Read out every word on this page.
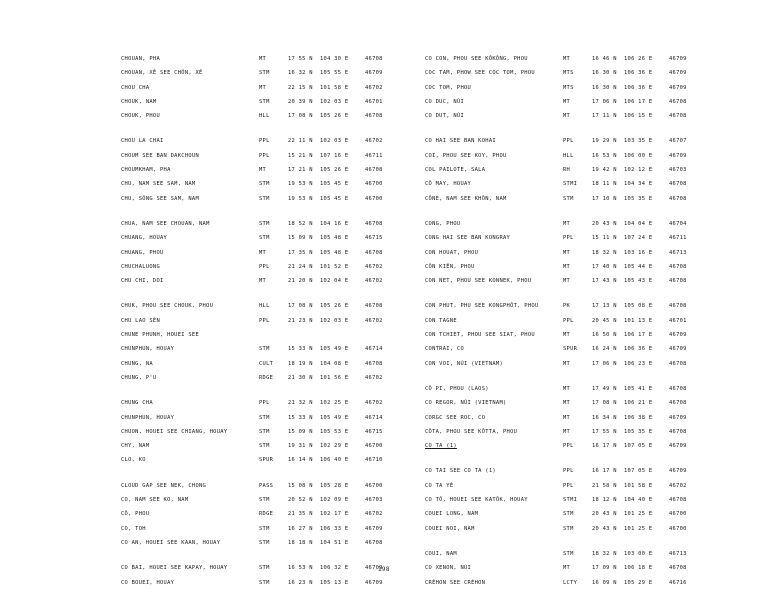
CHOUAN, PHA	MT	17 55 N 104 30 E	46708
CHOUAN, XÊ SEE CHÔN, XÊ	STM	16 32 N 105 55 E	46709
CHOU CHA	MT	22 15 N 101 58 E	46702
CHOUK, NAM	STM	20 39 N 102 03 E	46701
CHOUK, PHOU	HLL	17 08 N 105 26 E	46708
CHOU LA CHAI	PPL	22 11 N 102 03 E	46702
CHOUM SEE BAN DAKCHOUN	PPL	15 21 N 107 16 E	46711
CHOUMKHAM, PHA	MT	17 21 N 105 26 E	46708
CHU, NAM SEE SAM, NAM	STM	19 53 N 105 45 E	46700
CHU, SÔNG SEE SAM, NAM	STM	19 53 N 105 45 E	46700
CHUA, NAM SEE CHOUAN, NAM	STM	18 52 N 104 16 E	46708
CHUANG, HOUAY	STM	15 09 N 105 48 E	46715
CHUANG, PHOU	MT	17 35 N 105 48 E	46708
CHUCHALUONG	PPL	21 24 N 101 52 E	46702
CHU CHI, DOI	MT	21 20 N 102 04 E	46702
CHUK, PHOU SEE CHOUK, PHOU	HLL	17 08 N 105 26 E	46708
CHU LAO SÉN	PPL	21 23 N 102 03 E	46702
CHUNE PHUNH, HOUEI SEE
CHUNPHUN, HOUAY	STM	15 33 N 105 49 E	46714
CHUNG, NA	CULT	18 19 N 104 08 E	46708
CHUNG, P'U	RDGE	21 30 N 101 56 E	46702
CHUNG CHA	PPL	21 32 N 102 25 E	46702
CHUNPHUN, HOUAY	STM	15 33 N 105 49 E	46714
CHUON, HOUEI SEE CHIANG, HOUAY	STM	15 09 N 105 53 E	46715
CHY, NAM	STM	19 31 N 102 29 E	46700
CLO, KO	SPUR	16 14 N 106 40 E	46710
CLOUD GAP SEE NEK, CHONG	PASS	15 08 N 105 28 E	46700
CO, NAM SEE KO, NAM	STM	20 52 N 102 09 E	46703
CÔ, PHOU	RDGE	21 35 N 102 17 E	46702
CO, TOH	STM	16 27 N 106 33 E	46709
CO AN, HOUEI SEE KAAN, HOUAY	STM	18 18 N 104 51 E	46708
CO BAI, HOUEI SEE KAPAY, HOUAY	STM	16 53 N 106 32 E	46709
CO BOUEI, HOUAY	STM	16 23 N 105 13 E	46709
CO CON, PHOU SEE KÔKÔNG, PHOU	MT	16 46 N 106 26 E	46709
COC TAM, PHOW SEE COC TOM, PHOU	MTS	16 30 N 106 36 E	46709
COC TOM, PHOU	MTS	16 30 N 106 36 E	46709
CO DUC, NÚI	MT	17 06 N 106 17 E	46708
CO DUT, NÚI	MT	17 11 N 106 15 E	46708
CO HAI SEE BAN KOHAI	PPL	19 29 N 103 35 E	46707
COI, PHOU SEE KOY, PHOU	HLL	16 53 N 106 00 E	46709
COL PAILOTE, SALA	RH	19 42 N 102 12 E	46703
CÔ MAY, HOUAY	STMI	18 11 N 104 34 E	46708
CÔNE, NAM SEE KHÔN, NAM	STM	17 10 N 105 35 E	46708
CONG, PHOU	MT	20 43 N 104 04 E	46704
CONG HAI SEE BAN KONGRAY	PPL	15 11 N 107 24 E	46711
CON HOUAT, PHOU	MT	18 32 N 103 16 E	46713
CÔN KIÊN, PHOU	MT	17 40 N 105 44 E	46708
CON NET, PHOU SEE KONNEK, PHOU	MT	17 43 N 105 43 E	46708
CON PHUT, PHU SEE KONGPHÔT, PHOU	PK	17 13 N 105 08 E	46708
CON TAGNE	PPL	20 45 N 101 13 E	46701
CON TCHIET, PHOU SEE SIAT, PHOU	MT	16 50 N 106 17 E	46709
CONTRAI, CO	SPUR	16 24 N 106 36 E	46709
CON VOI, NÚI (VIETNAM)	MT	17 06 N 106 23 E	46708
CÔ PI, PHOU (LAOS)	MT	17 49 N 105 41 E	46708
CO REGOR, NÚI (VIETNAM)	MT	17 08 N 106 21 E	46708
CORGC SEE ROC, CO	MT	16 34 N 106 38 E	46709
CÔTA, PHOU SEE KÔTTA, PHOU	MT	17 55 N 105 35 E	46708
CO TA (1)	PPL	16 17 N 107 05 E	46709
CO TAI SEE CO TA (1)	PPL	16 17 N 107 05 E	46709
CO TA YÉ	PPL	21 58 N 101 58 E	46702
CO TÔ, HOUEI SEE KATÔK, HOUAY	STMI	18 12 N 104 40 E	46708
COUEI LONG, NAM	STM	20 43 N 101 25 E	46700
COUEI NOI, NAM	STM	20 43 N 101 25 E	46700
COUI, NAM	STM	18 32 N 103 00 E	46713
CO XENON, NÚI	MT	17 09 N 106 18 E	46708
CRÉHON SEE CRÉHON	LCTY	16 09 N 105 29 E	46716
198
